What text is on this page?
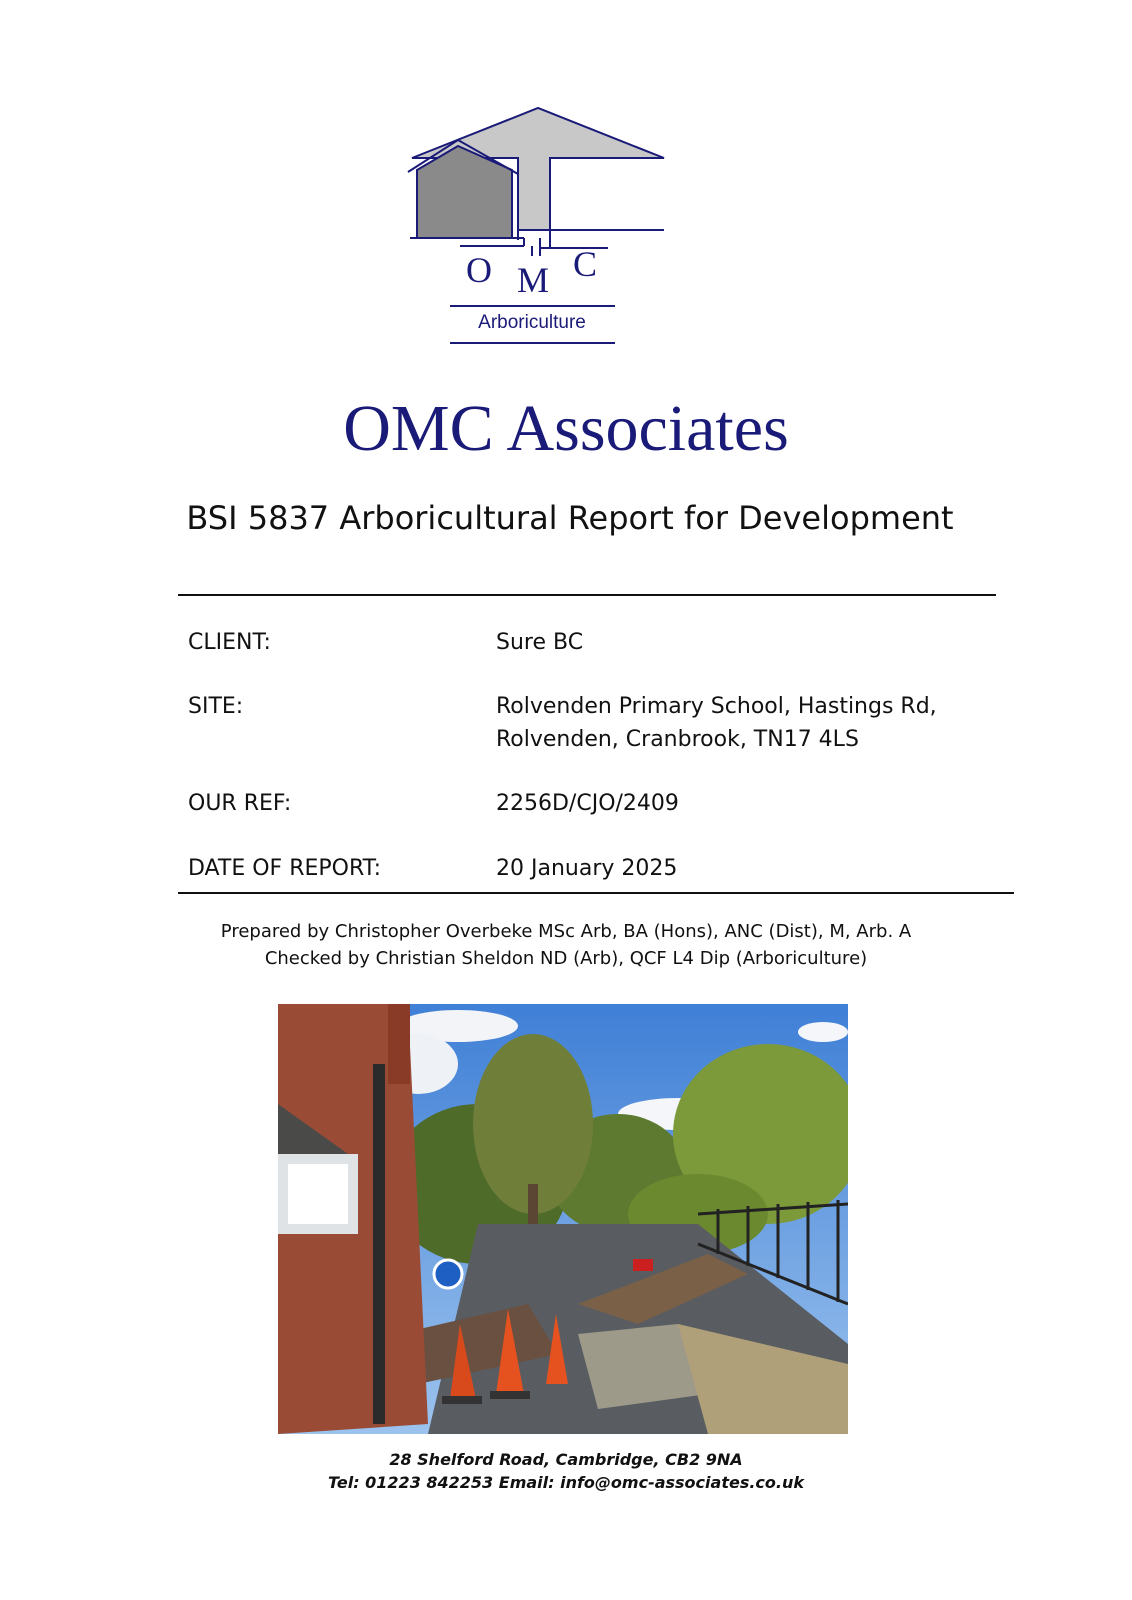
O M C
Arboriculture
OMC Associates
BSI 5837 Arboricultural Report for Development
CLIENT:	Sure BC
SITE:	Rolvenden Primary School, Hastings Rd,
Rolvenden, Cranbrook, TN17 4LS
OUR REF:	2256D/CJO/2409
DATE OF REPORT:	20 January 2025
Prepared by Christopher Overbeke MSc Arb, BA (Hons), ANC (Dist), M, Arb. A
Checked by Christian Sheldon ND (Arb), QCF L4 Dip (Arboriculture)
28 Shelford Road, Cambridge, CB2 9NA
Tel: 01223 842253 Email: info@omc-associates.co.uk
